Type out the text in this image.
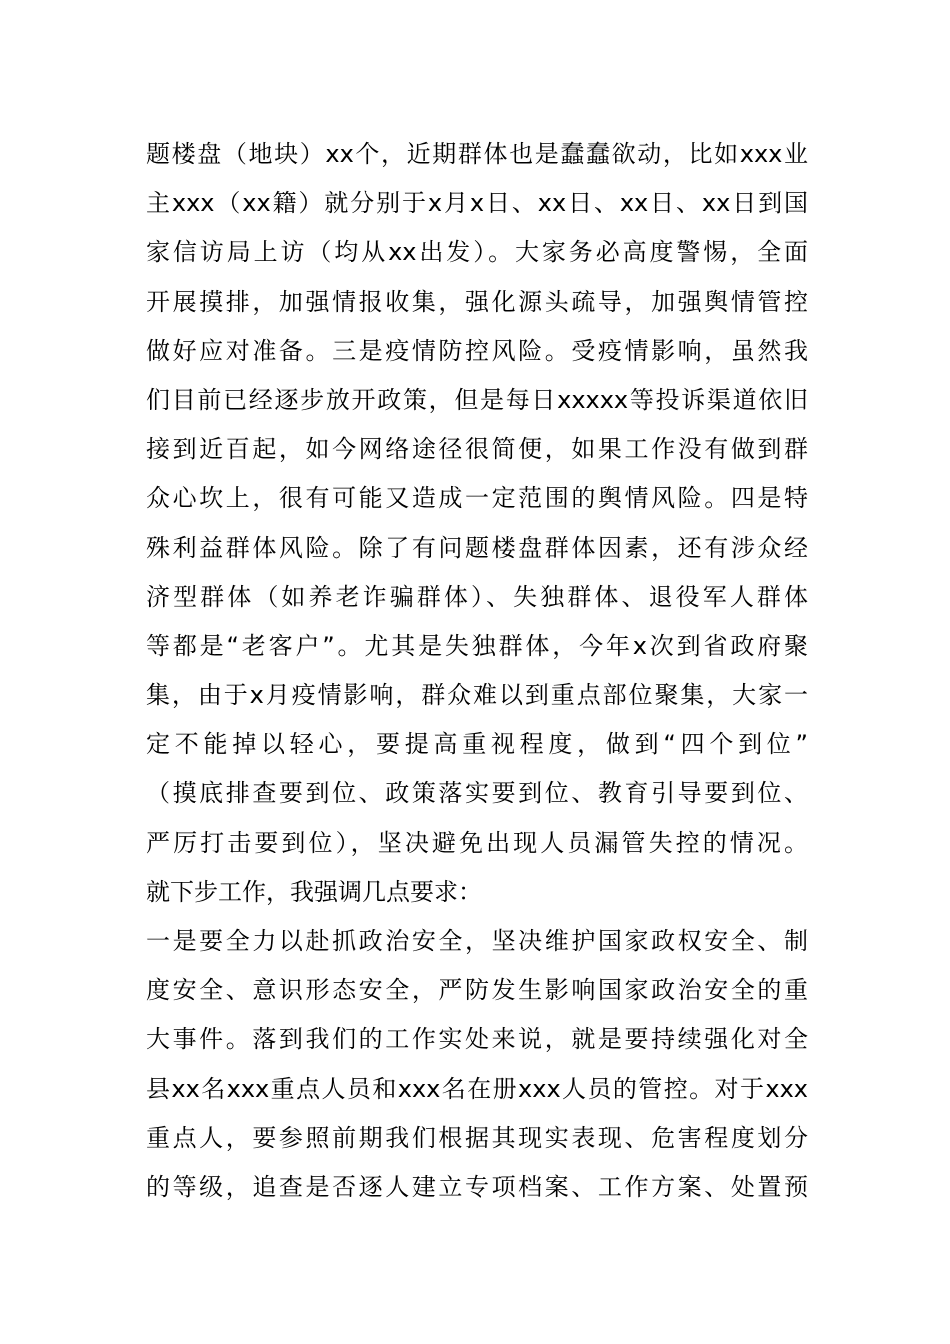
题楼盘（地块）xx个，近期群体也是蠢蠢欲动，比如xxx业
主xxx（xx籍）就分别于x月x日、xx日、xx日、xx日到国
家信访局上访（均从xx出发）。大家务必高度警惕，全面
开展摸排，加强情报收集，强化源头疏导，加强舆情管控
做好应对准备。三是疫情防控风险。受疫情影响，虽然我
们目前已经逐步放开政策，但是每日xxxxx等投诉渠道依旧
接到近百起，如今网络途径很简便，如果工作没有做到群
众心坎上，很有可能又造成一定范围的舆情风险。四是特
殊利益群体风险。除了有问题楼盘群体因素，还有涉众经
济型群体（如养老诈骗群体）、失独群体、退役军人群体
等都是“老客户”。尤其是失独群体，今年x次到省政府聚
集，由于x月疫情影响，群众难以到重点部位聚集，大家一
定不能掉以轻心，要提高重视程度，做到“四个到位”
（摸底排查要到位、政策落实要到位、教育引导要到位、
严厉打击要到位），坚决避免出现人员漏管失控的情况。
就下步工作，我强调几点要求：
一是要全力以赴抓政治安全，坚决维护国家政权安全、制
度安全、意识形态安全，严防发生影响国家政治安全的重
大事件。落到我们的工作实处来说，就是要持续强化对全
县xx名xxx重点人员和xxx名在册xxx人员的管控。对于xxx
重点人，要参照前期我们根据其现实表现、危害程度划分
的等级，追查是否逐人建立专项档案、工作方案、处置预
